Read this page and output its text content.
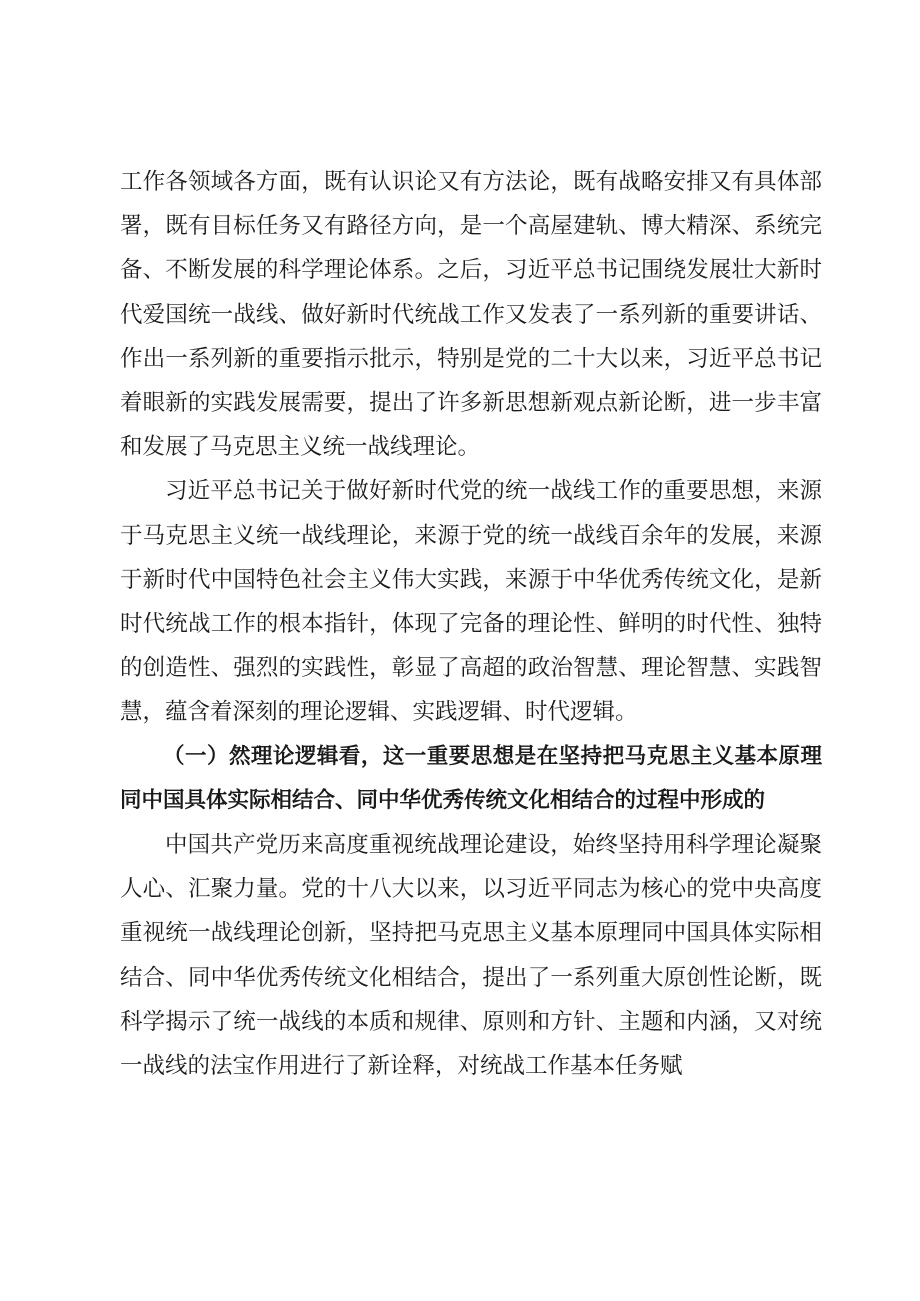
工作各领域各方面，既有认识论又有方法论，既有战略安排又有具体部署，既有目标任务又有路径方向，是一个高屋建轨、博大精深、系统完备、不断发展的科学理论体系。之后，习近平总书记围绕发展壮大新时代爱国统一战线、做好新时代统战工作又发表了一系列新的重要讲话、作出一系列新的重要指示批示，特别是党的二十大以来，习近平总书记着眼新的实践发展需要，提出了许多新思想新观点新论断，进一步丰富和发展了马克思主义统一战线理论。

习近平总书记关于做好新时代党的统一战线工作的重要思想，来源于马克思主义统一战线理论，来源于党的统一战线百余年的发展，来源于新时代中国特色社会主义伟大实践，来源于中华优秀传统文化，是新时代统战工作的根本指针，体现了完备的理论性、鲜明的时代性、独特的创造性、强烈的实践性，彰显了高超的政治智慧、理论智慧、实践智慧，蕴含着深刻的理论逻辑、实践逻辑、时代逻辑。

（一）然理论逻辑看，这一重要思想是在坚持把马克思主义基本原理同中国具体实际相结合、同中华优秀传统文化相结合的过程中形成的

中国共产党历来高度重视统战理论建设，始终坚持用科学理论凝聚人心、汇聚力量。党的十八大以来，以习近平同志为核心的党中央高度重视统一战线理论创新，坚持把马克思主义基本原理同中国具体实际相结合、同中华优秀传统文化相结合，提出了一系列重大原创性论断，既科学揭示了统一战线的本质和规律、原则和方针、主题和内涵，又对统一战线的法宝作用进行了新诠释，对统战工作基本任务赋
